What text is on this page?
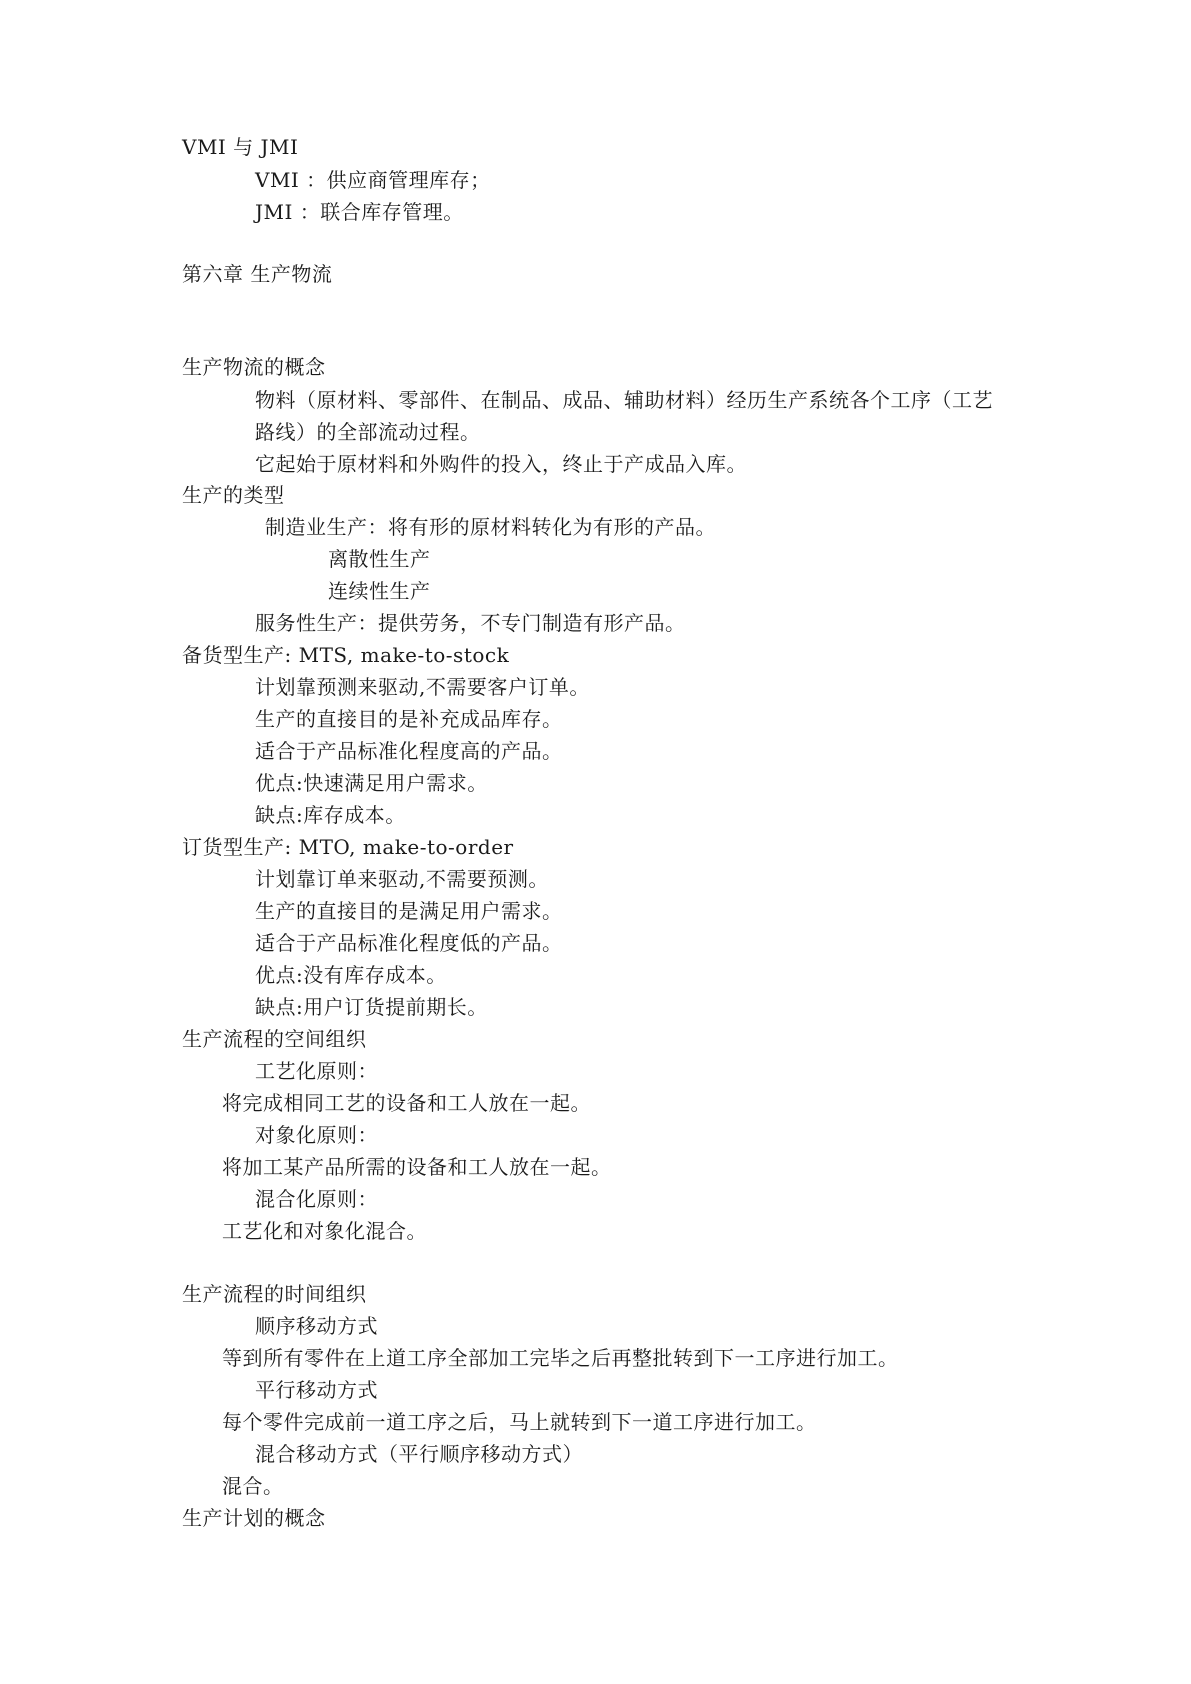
VMI 与 JMI
VMI ：供应商管理库存；
JMI ：联合库存管理。
第六章 生产物流
生产物流的概念
物料（原材料、零部件、在制品、成品、辅助材料）经历生产系统各个工序（工艺
路线）的全部流动过程。
它起始于原材料和外购件的投入，终止于产成品入库。
生产的类型
制造业生产：将有形的原材料转化为有形的产品。
离散性生产
连续性生产
服务性生产：提供劳务，不专门制造有形产品。
备货型生产: MTS, make-to-stock
计划靠预测来驱动,不需要客户订单。
生产的直接目的是补充成品库存。
适合于产品标准化程度高的产品。
优点:快速满足用户需求。
缺点:库存成本。
订货型生产: MTO, make-to-order
计划靠订单来驱动,不需要预测。
生产的直接目的是满足用户需求。
适合于产品标准化程度低的产品。
优点:没有库存成本。
缺点:用户订货提前期长。
生产流程的空间组织
工艺化原则：
将完成相同工艺的设备和工人放在一起。
对象化原则：
将加工某产品所需的设备和工人放在一起。
混合化原则：
工艺化和对象化混合。
生产流程的时间组织
顺序移动方式
等到所有零件在上道工序全部加工完毕之后再整批转到下一工序进行加工。
平行移动方式
每个零件完成前一道工序之后，马上就转到下一道工序进行加工。
混合移动方式（平行顺序移动方式）
混合。
生产计划的概念
